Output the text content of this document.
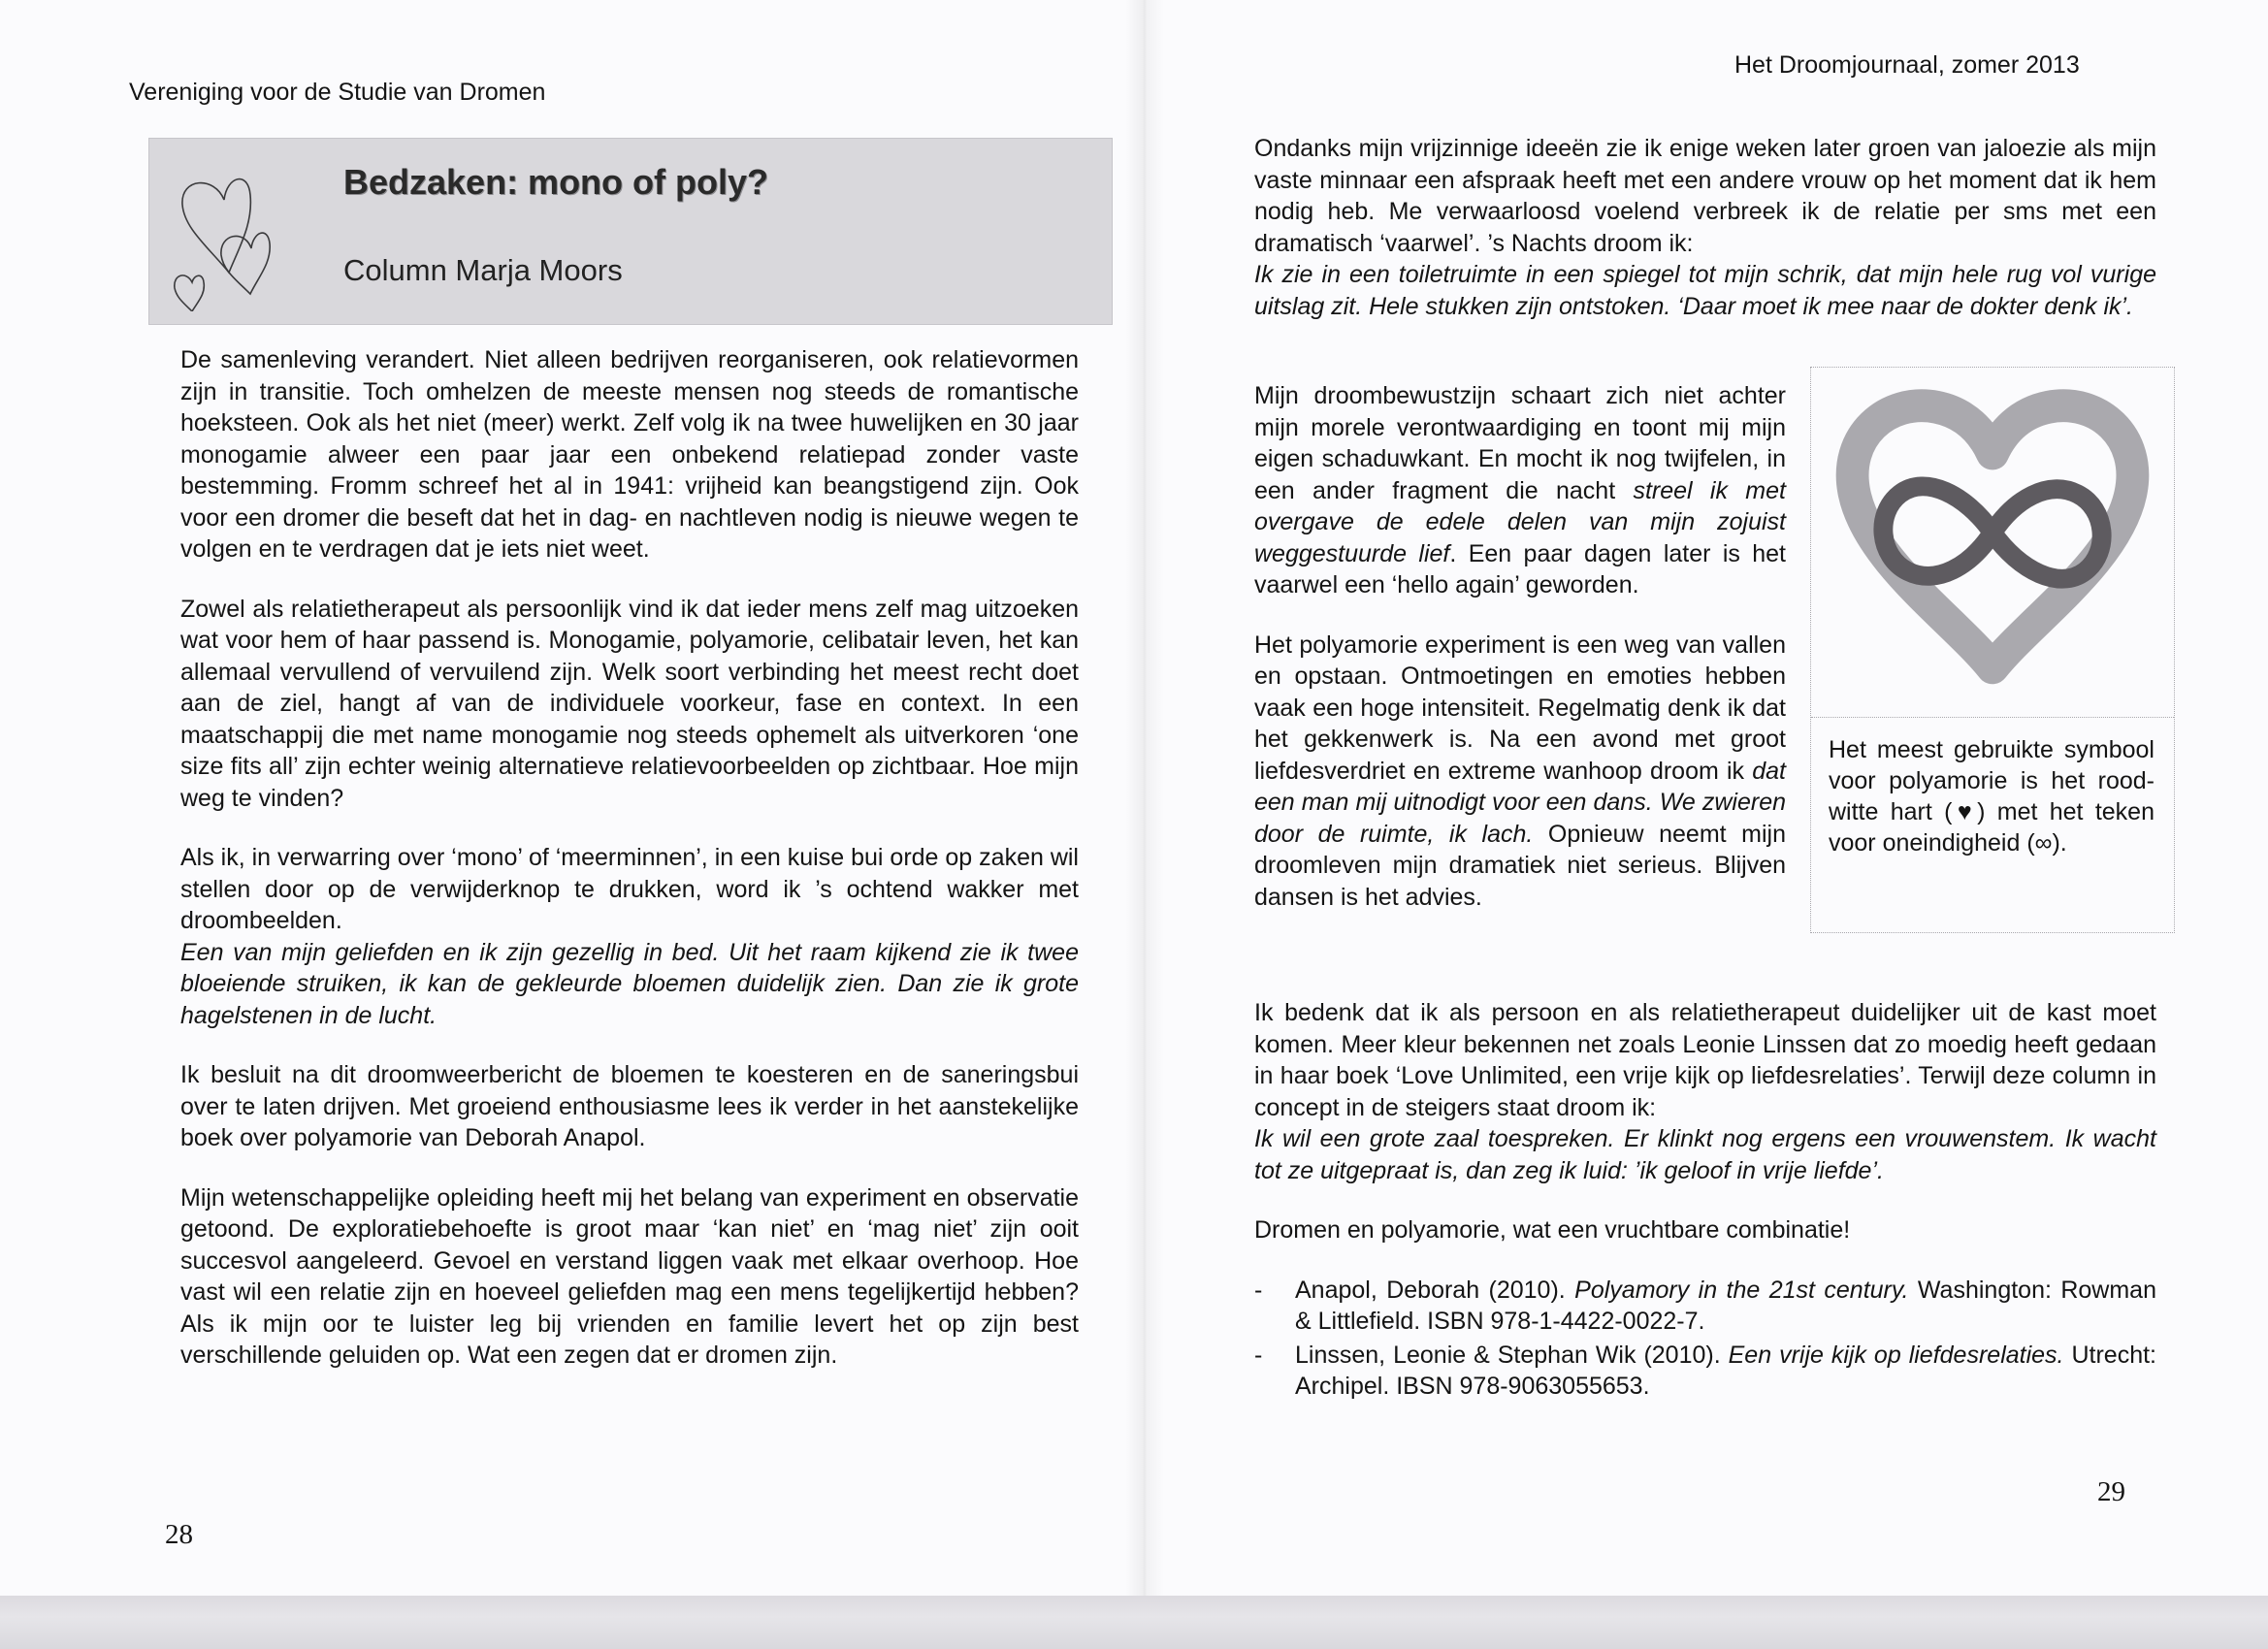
Vereniging voor de Studie van Dromen
Bedzaken: mono of poly?
Column Marja Moors

De samenleving verandert. Niet alleen bedrijven reorganiseren, ook relatievormen zijn in transitie. Toch omhelzen de meeste mensen nog steeds de romantische hoeksteen. Ook als het niet (meer) werkt. Zelf volg ik na twee huwelijken en 30 jaar monogamie alweer een paar jaar een onbekend relatiepad zonder vaste bestemming. Fromm schreef het al in 1941: vrijheid kan beangstigend zijn. Ook voor een dromer die beseft dat het in dag- en nachtleven nodig is nieuwe wegen te volgen en te verdragen dat je iets niet weet.

Zowel als relatietherapeut als persoonlijk vind ik dat ieder mens zelf mag uitzoeken wat voor hem of haar passend is. Monogamie, polyamorie, celibatair leven, het kan allemaal vervullend of vervuilend zijn. Welk soort verbinding het meest recht doet aan de ziel, hangt af van de individuele voorkeur, fase en context. In een maatschappij die met name monogamie nog steeds ophemelt als uitverkoren ‘one size fits all’ zijn echter weinig alternatieve relatievoorbeelden op zichtbaar. Hoe mijn weg te vinden?

Als ik, in verwarring over ‘mono’ of ‘meerminnen’, in een kuise bui orde op zaken wil stellen door op de verwijderknop te drukken, word ik ’s ochtend wakker met droombeelden.

Een van mijn geliefden en ik zijn gezellig in bed. Uit het raam kijkend zie ik twee bloeiende struiken, ik kan de gekleurde bloemen duidelijk zien. Dan zie ik grote hagelstenen in de lucht.

Ik besluit na dit droomweerbericht de bloemen te koesteren en de saneringsbui over te laten drijven. Met groeiend enthousiasme lees ik verder in het aanstekelijke boek over polyamorie van Deborah Anapol.

Mijn wetenschappelijke opleiding heeft mij het belang van experiment en observatie getoond. De exploratiebehoefte is groot maar ‘kan niet’ en ‘mag niet’ zijn ooit succesvol aangeleerd. Gevoel en verstand liggen vaak met elkaar overhoop. Hoe vast wil een relatie zijn en hoeveel geliefden mag een mens tegelijkertijd hebben? Als ik mijn oor te luister leg bij vrienden en familie levert het op zijn best verschillende geluiden op. Wat een zegen dat er dromen zijn.

28
Het Droomjournaal, zomer 2013

Ondanks mijn vrijzinnige ideeën zie ik enige weken later groen van jaloezie als mijn vaste minnaar een afspraak heeft met een andere vrouw op het moment dat ik hem nodig heb. Me verwaarloosd voelend verbreek ik de relatie per sms met een dramatisch ‘vaarwel’. ’s Nachts droom ik:

Ik zie in een toiletruimte in een spiegel tot mijn schrik, dat mijn hele rug vol vurige uitslag zit. Hele stukken zijn ontstoken. ‘Daar moet ik mee naar de dokter denk ik’.

Mijn droombewustzijn schaart zich niet achter mijn morele verontwaardiging en toont mij mijn eigen schaduwkant. En mocht ik nog twijfelen, in een ander fragment die nacht streel ik met overgave de edele delen van mijn zojuist weggestuurde lief. Een paar dagen later is het vaarwel een ‘hello again’ geworden.

Het polyamorie experiment is een weg van vallen en opstaan. Ontmoetingen en emoties hebben vaak een hoge intensiteit. Regelmatig denk ik dat het gekkenwerk is. Na een avond met groot liefdesverdriet en extreme wanhoop droom ik dat een man mij uitnodigt voor een dans. We zwieren door de ruimte, ik lach. Opnieuw neemt mijn droomleven mijn dramatiek niet serieus. Blijven dansen is het advies.

Het meest gebruikte symbool voor polyamorie is het rood-witte hart (♥) met het teken voor oneindigheid (∞).

Ik bedenk dat ik als persoon en als relatietherapeut duidelijker uit de kast moet komen. Meer kleur bekennen net zoals Leonie Linssen dat zo moedig heeft gedaan in haar boek ‘Love Unlimited, een vrije kijk op liefdesrelaties’. Terwijl deze column in concept in de steigers staat droom ik:

Ik wil een grote zaal toespreken. Er klinkt nog ergens een vrouwenstem. Ik wacht tot ze uitgepraat is, dan zeg ik luid: ’ik geloof in vrije liefde’.

Dromen en polyamorie, wat een vruchtbare combinatie!

- Anapol, Deborah (2010). Polyamory in the 21st century. Washington: Rowman & Littlefield. ISBN 978-1-4422-0022-7.
- Linssen, Leonie & Stephan Wik (2010). Een vrije kijk op liefdesrelaties. Utrecht: Archipel. IBSN 978-9063055653.
29
